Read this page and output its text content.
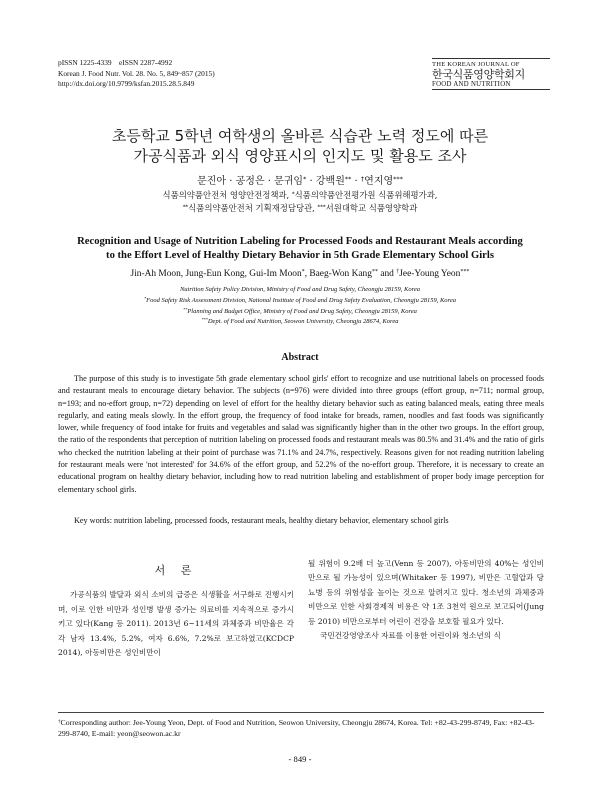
pISSN 1225-4339    eISSN 2287-4992
Korean J. Food Nutr. Vol. 28. No. 5, 849~857 (2015)
http://dx.doi.org/10.9799/ksfan.2015.28.5.849
THE KOREAN JOURNAL OF
한국식품영양학회지
FOOD AND NUTRITION
초등학교 5학년 여학생의 올바른 식습관 노력 정도에 따른
가공식품과 외식 영양표시의 인지도 및 활용도 조사
문진아 · 공정은 · 문귀임* · 강백원** · †연지영***
식품의약품안전처 영양안전정책과, *식품의약품안전평가원 식품위해평가과,
**식품의약품안전처 기획재정담당관, ***서원대학교 식품영양학과
Recognition and Usage of Nutrition Labeling for Processed Foods and Restaurant Meals according
to the Effort Level of Healthy Dietary Behavior in 5th Grade Elementary School Girls
Jin-Ah Moon, Jung-Eun Kong, Gui-Im Moon*, Baeg-Won Kang** and †Jee-Young Yeon***
Nutrition Safety Policy Division, Ministry of Food and Drug Safety, Cheongju 28159, Korea
*Food Safety Risk Assessment Division, National Institute of Food and Drug Safety Evaluation, Cheongju 28159, Korea
**Planning and Budget Office, Ministry of Food and Drug Safety, Cheongju 28159, Korea
***Dept. of Food and Nutrition, Seowon University, Cheongju 28674, Korea
Abstract

The purpose of this study is to investigate 5th grade elementary school girls' effort to recognize and use nutritional labels on processed foods and restaurant meals to encourage dietary behavior. The subjects (n=976) were divided into three groups (effort group, n=711; normal group, n=193; and no-effort group, n=72) depending on level of effort for the healthy dietary behavior such as eating balanced meals, eating three meals regularly, and eating meals slowly. In the effort group, the frequency of food intake for breads, ramen, noodles and fast foods was significantly lower, while frequency of food intake for fruits and vegetables and salad was significantly higher than in the other two groups. In the effort group, the ratio of the respondents that perception of nutrition labeling on processed foods and restaurant meals was 80.5% and 31.4% and the ratio of girls who checked the nutrition labeling at their point of purchase was 71.1% and 24.7%, respectively. Reasons given for not reading nutrition labeling for restaurant meals were 'not interested' for 34.6% of the effort group, and 52.2% of the no-effort group. Therefore, it is necessary to create an educational program on healthy dietary behavior, including how to read nutrition labeling and establishment of proper body image perception for elementary school girls.

Key words: nutrition labeling, processed foods, restaurant meals, healthy dietary behavior, elementary school girls
서 론

가공식품의 발달과 외식 소비의 급증은 식생활을 서구화로 진행시키며, 이로 인한 비만과 성인병 발생 증가는 의료비를 지속적으로 증가시키고 있다(Kang 등 2011). 2013년 6~11세의 과체중과 비만율은 각각 남자 13.4%, 5.2%, 여자 6.6%, 7.2%로 보고하였고(KCDCP 2014), 아동비만은 성인비만이

될 위험이 9.2배 더 높고(Venn 등 2007), 아동비만의 40%는 성인비만으로 될 가능성이 있으며(Whitaker 등 1997), 비만은 고혈압과 당뇨병 등의 위험성을 높이는 것으로 알려지고 있다. 청소년의 과체중과 비만으로 인한 사회경제적 비용은 약 1조 3천억 원으로 보고되어(Jung 등 2010) 비만으로부터 어린이 건강을 보호할 필요가 있다.

국민건강영양조사 자료를 이용한 어린이와 청소년의 식

†Corresponding author: Jee-Young Yeon, Dept. of Food and Nutrition, Seowon University, Cheongju 28674, Korea. Tel: +82-43-299-8749, Fax: +82-43-299-8740, E-mail: yeon@seowon.ac.kr
- 849 -
